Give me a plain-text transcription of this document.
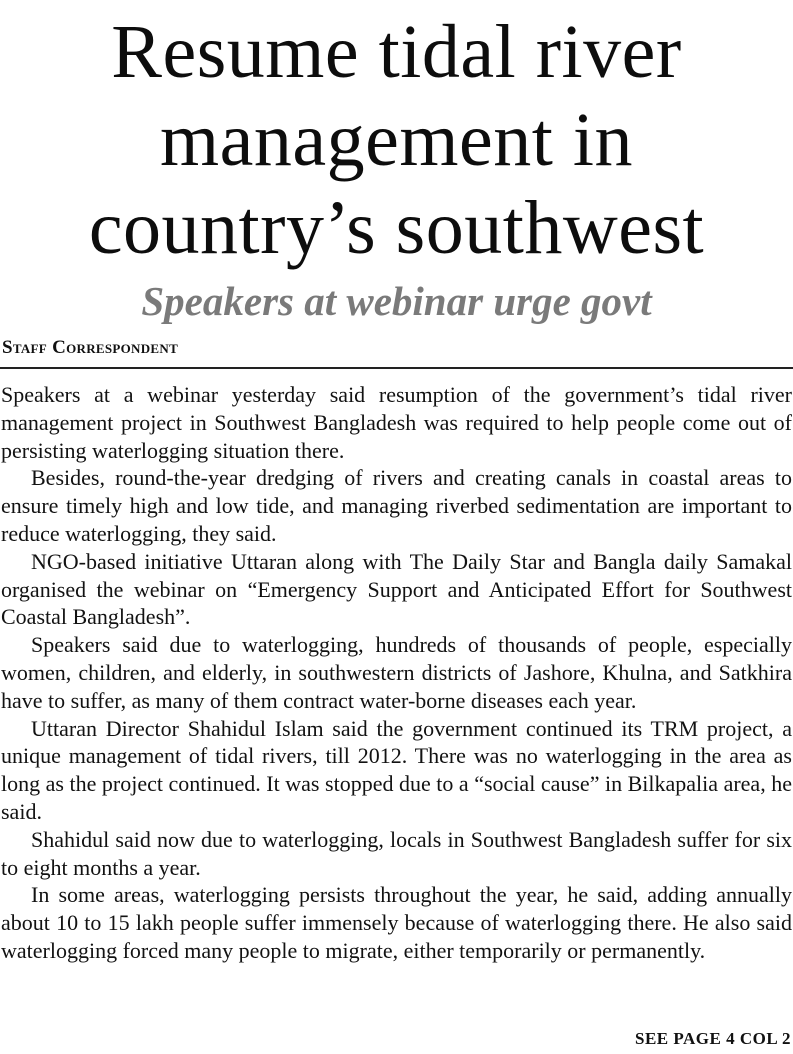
Resume tidal river
management in
country’s southwest
Speakers at webinar urge govt
Staff Correspondent

Speakers at a webinar yesterday said resumption of the government’s tidal river management project in Southwest Bangladesh was required to help people come out of persisting waterlogging situation there.

Besides, round-the-year dredging of rivers and creating canals in coastal areas to ensure timely high and low tide, and managing riverbed sedimentation are important to reduce waterlogging, they said.

NGO-based initiative Uttaran along with The Daily Star and Bangla daily Samakal organised the webinar on “Emergency Support and Anticipated Effort for Southwest Coastal Bangladesh”.

Speakers said due to waterlogging, hundreds of thousands of people, especially women, children, and elderly, in southwestern districts of Jashore, Khulna, and Satkhira have to suffer, as many of them contract water-borne diseases each year.

Uttaran Director Shahidul Islam said the government continued its TRM project, a unique management of tidal rivers, till 2012. There was no waterlogging in the area as long as the project continued. It was stopped due to a “social cause” in Bilkapalia area, he said.

Shahidul said now due to waterlogging, locals in Southwest Bangladesh suffer for six to eight months a year.

In some areas, waterlogging persists throughout the year, he said, adding annually about 10 to 15 lakh people suffer immensely because of waterlogging there. He also said waterlogging forced many people to migrate, either temporarily or permanently.

SEE PAGE 4 COL 2
